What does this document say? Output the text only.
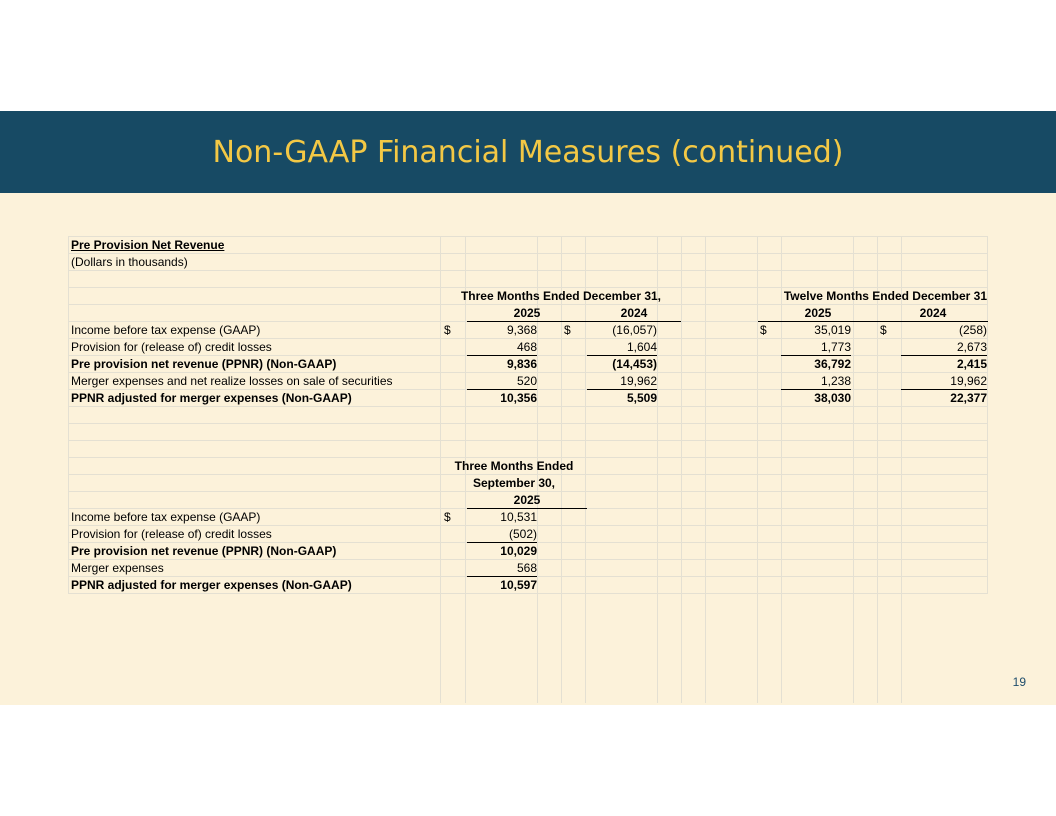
Non-GAAP Financial Measures (continued)
Pre Provision Net Revenue
(Dollars in thousands)
Three Months Ended December 31,	Twelve Months Ended December 31
2025	2024	2025	2024
Income before tax expense (GAAP)	$	9,368 $	(16,057)	$	35,019 $	(258)
Provision for (release of) credit losses	468	1,604	1,773	2,673
Pre provision net revenue (PPNR) (Non-GAAP)	9,836	(14,453)	36,792	2,415
Merger expenses and net realize losses on sale of securities	520	19,962	1,238	19,962
PPNR adjusted for merger expenses (Non-GAAP)	10,356	5,509	38,030	22,377
Three Months Ended
September 30,
2025
Income before tax expense (GAAP)	$	10,531
Provision for (release of) credit losses	(502)
Pre provision net revenue (PPNR) (Non-GAAP)	10,029
Merger expenses	568
PPNR adjusted for merger expenses (Non-GAAP)	10,597
19
